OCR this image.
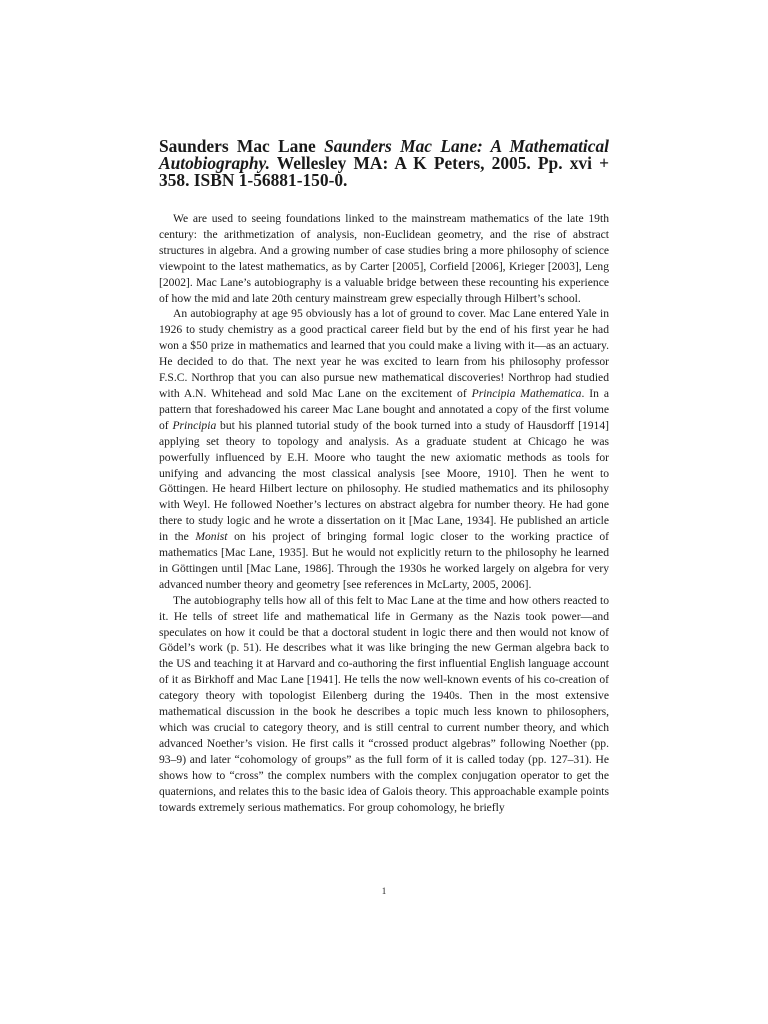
Saunders Mac Lane Saunders Mac Lane: A Mathematical Autobiography. Wellesley MA: A K Peters, 2005. Pp. xvi + 358. ISBN 1-56881-150-0.

We are used to seeing foundations linked to the mainstream mathematics of the late 19th century: the arithmetization of analysis, non-Euclidean geometry, and the rise of abstract structures in algebra. And a growing number of case studies bring a more philosophy of science viewpoint to the latest mathematics, as by Carter [2005], Corfield [2006], Krieger [2003], Leng [2002]. Mac Lane’s autobiography is a valuable bridge between these recounting his experience of how the mid and late 20th century mainstream grew especially through Hilbert’s school.

An autobiography at age 95 obviously has a lot of ground to cover. Mac Lane entered Yale in 1926 to study chemistry as a good practical career field but by the end of his first year he had won a $50 prize in mathematics and learned that you could make a living with it—as an actuary. He decided to do that. The next year he was excited to learn from his philosophy professor F.S.C. Northrop that you can also pursue new mathematical discoveries! Northrop had studied with A.N. Whitehead and sold Mac Lane on the excitement of Principia Mathematica. In a pattern that foreshadowed his career Mac Lane bought and annotated a copy of the first volume of Principia but his planned tutorial study of the book turned into a study of Hausdorff [1914] applying set theory to topology and analysis. As a graduate student at Chicago he was powerfully influenced by E.H. Moore who taught the new axiomatic methods as tools for unifying and advancing the most classical analysis [see Moore, 1910]. Then he went to Göttingen. He heard Hilbert lecture on philosophy. He studied mathematics and its philosophy with Weyl. He followed Noether’s lectures on abstract algebra for number theory. He had gone there to study logic and he wrote a dissertation on it [Mac Lane, 1934]. He published an article in the Monist on his project of bringing formal logic closer to the working practice of mathematics [Mac Lane, 1935]. But he would not explicitly return to the philosophy he learned in Göttingen until [Mac Lane, 1986]. Through the 1930s he worked largely on algebra for very advanced number theory and geometry [see references in McLarty, 2005, 2006].

The autobiography tells how all of this felt to Mac Lane at the time and how others reacted to it. He tells of street life and mathematical life in Germany as the Nazis took power—and speculates on how it could be that a doctoral student in logic there and then would not know of Gödel’s work (p. 51). He describes what it was like bringing the new German algebra back to the US and teaching it at Harvard and co-authoring the first influential English language account of it as Birkhoff and Mac Lane [1941]. He tells the now well-known events of his co-creation of category theory with topologist Eilenberg during the 1940s. Then in the most extensive mathematical discussion in the book he describes a topic much less known to philosophers, which was crucial to category theory, and is still central to current number theory, and which advanced Noether’s vision. He first calls it “crossed product algebras” following Noether (pp. 93–9) and later “cohomology of groups” as the full form of it is called today (pp. 127–31). He shows how to “cross” the complex numbers with the complex conjugation operator to get the quaternions, and relates this to the basic idea of Galois theory. This approachable example points towards extremely serious mathematics. For group cohomology, he briefly

1
